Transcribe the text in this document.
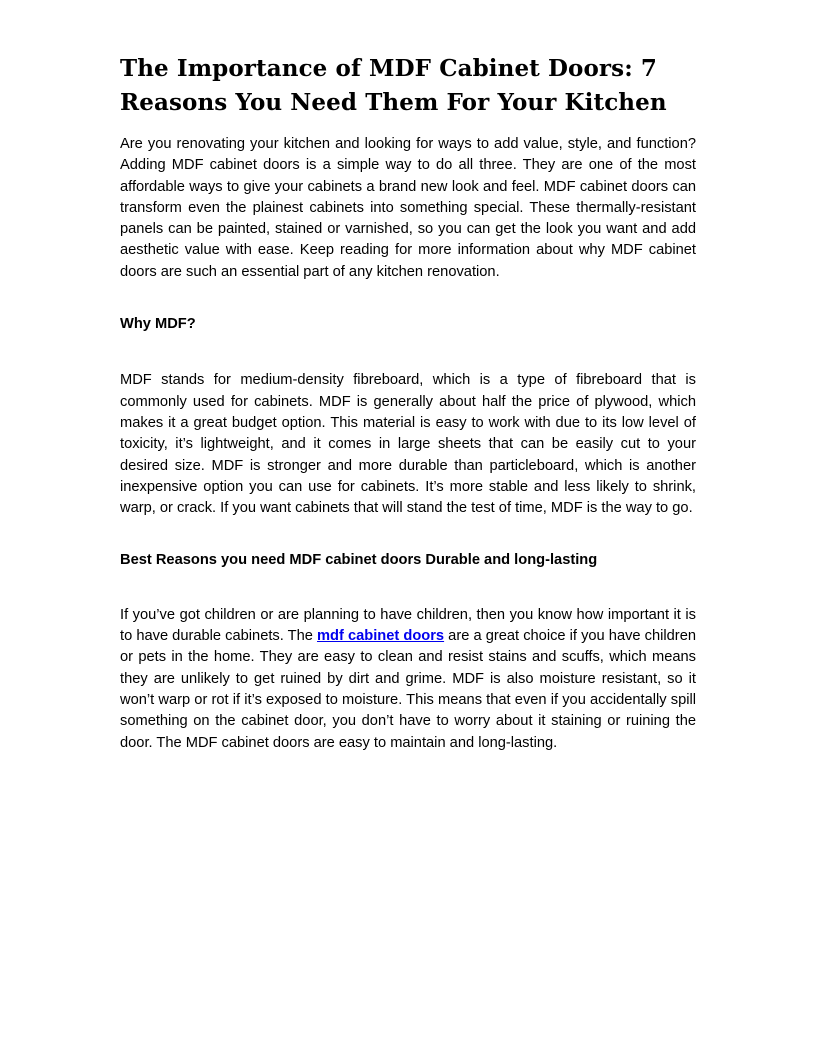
The Importance of MDF Cabinet Doors: 7 Reasons You Need Them For Your Kitchen

Are you renovating your kitchen and looking for ways to add value, style, and function? Adding MDF cabinet doors is a simple way to do all three. They are one of the most affordable ways to give your cabinets a brand new look and feel. MDF cabinet doors can transform even the plainest cabinets into something special. These thermally-resistant panels can be painted, stained or varnished, so you can get the look you want and add aesthetic value with ease. Keep reading for more information about why MDF cabinet doors are such an essential part of any kitchen renovation.

Why MDF?

MDF stands for medium-density fibreboard, which is a type of fibreboard that is commonly used for cabinets. MDF is generally about half the price of plywood, which makes it a great budget option. This material is easy to work with due to its low level of toxicity, it’s lightweight, and it comes in large sheets that can be easily cut to your desired size. MDF is stronger and more durable than particleboard, which is another inexpensive option you can use for cabinets. It’s more stable and less likely to shrink, warp, or crack. If you want cabinets that will stand the test of time, MDF is the way to go.

Best Reasons you need MDF cabinet doors Durable and long-lasting

If you’ve got children or are planning to have children, then you know how important it is to have durable cabinets. The mdf cabinet doors are a great choice if you have children or pets in the home. They are easy to clean and resist stains and scuffs, which means they are unlikely to get ruined by dirt and grime. MDF is also moisture resistant, so it won’t warp or rot if it’s exposed to moisture. This means that even if you accidentally spill something on the cabinet door, you don’t have to worry about it staining or ruining the door. The MDF cabinet doors are easy to maintain and long-lasting.
